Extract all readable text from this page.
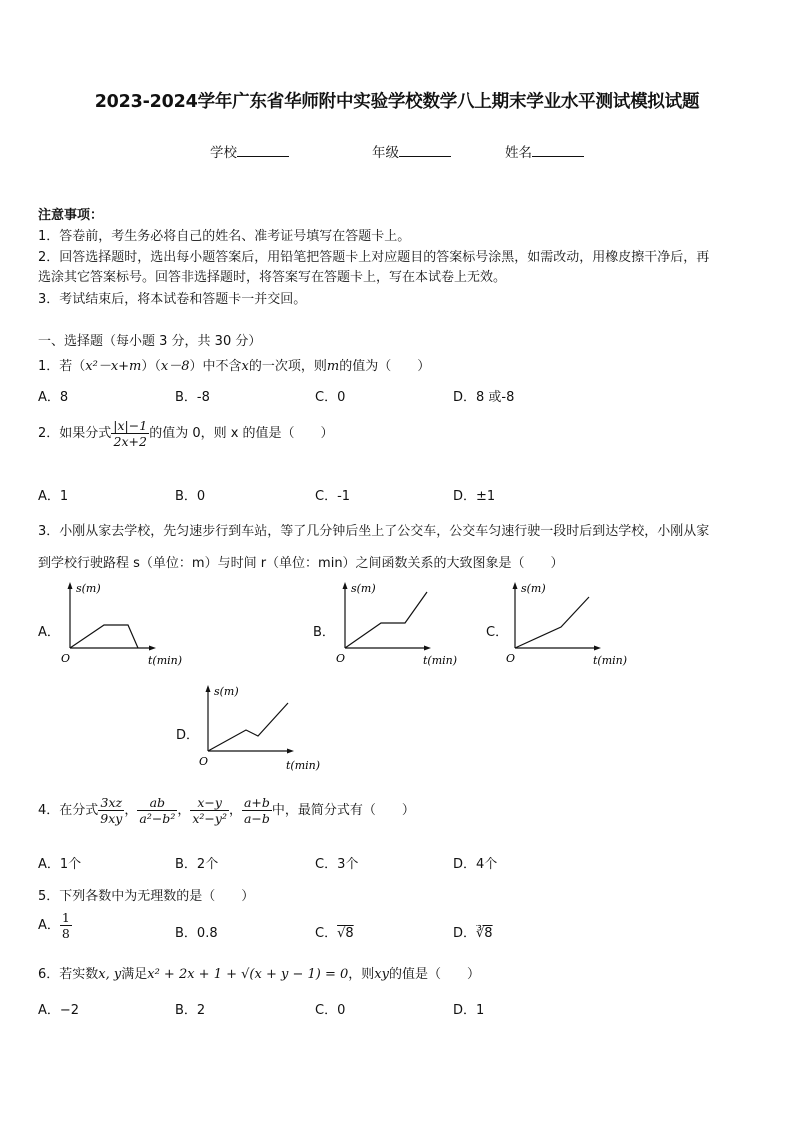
2023-2024学年广东省华师附中实验学校数学八上期末学业水平测试模拟试题
学校	年级	姓名
注意事项：
1．答卷前，考生务必将自己的姓名、准考证号填写在答题卡上。
2．回答选择题时，选出每小题答案后，用铅笔把答题卡上对应题目的答案标号涂黑，如需改动，用橡皮擦干净后，再
选涂其它答案标号。回答非选择题时，将答案写在答题卡上，写在本试卷上无效。
3．考试结束后，将本试卷和答题卡一并交回。
一、选择题（每小题 3 分，共 30 分）
1．若（x²－x+m）（x－8）中不含x的一次项，则m的值为（　　）
A．8	B．-8	C．0	D．8 或-8
2．如果分式 $\frac{|x|-1}{2x+2}$ 的值为 0，则 x 的值是（　　）
A．1	B．0	C．-1	D．±1
3．小刚从家去学校，先匀速步行到车站，等了几分钟后坐上了公交车，公交车匀速行驶一段时后到达学校，小刚从家
到学校行驶路程 s（单位：m）与时间 r（单位：min）之间函数关系的大致图象是（　　）
A．	B．	C．
D．
s(m)
O	t(min)
s(m)
O	t(min)
s(m)
O	t(min)
s(m)
O	t(min)
4．在分式 $\frac{3xz}{9xy}$ ， $\frac{ab}{\text{a²−b²}}$ ， $\frac{x-y}{\text{x²−y²}}$ ， $\frac{a+b}{a-b}$ 中，最简分式有（　　）
A．1个	B．2个	C．3个	D．4个
5．下列各数中为无理数的是（　　）
A． $\frac{1}{8}$	B．0.8	C．√8	D．∛8
6．若实数x, y满足x² + 2x + 1 + √(x + y − 1) = 0，则xy的值是（　　）
A．−2	B．2	C．0	D．1
